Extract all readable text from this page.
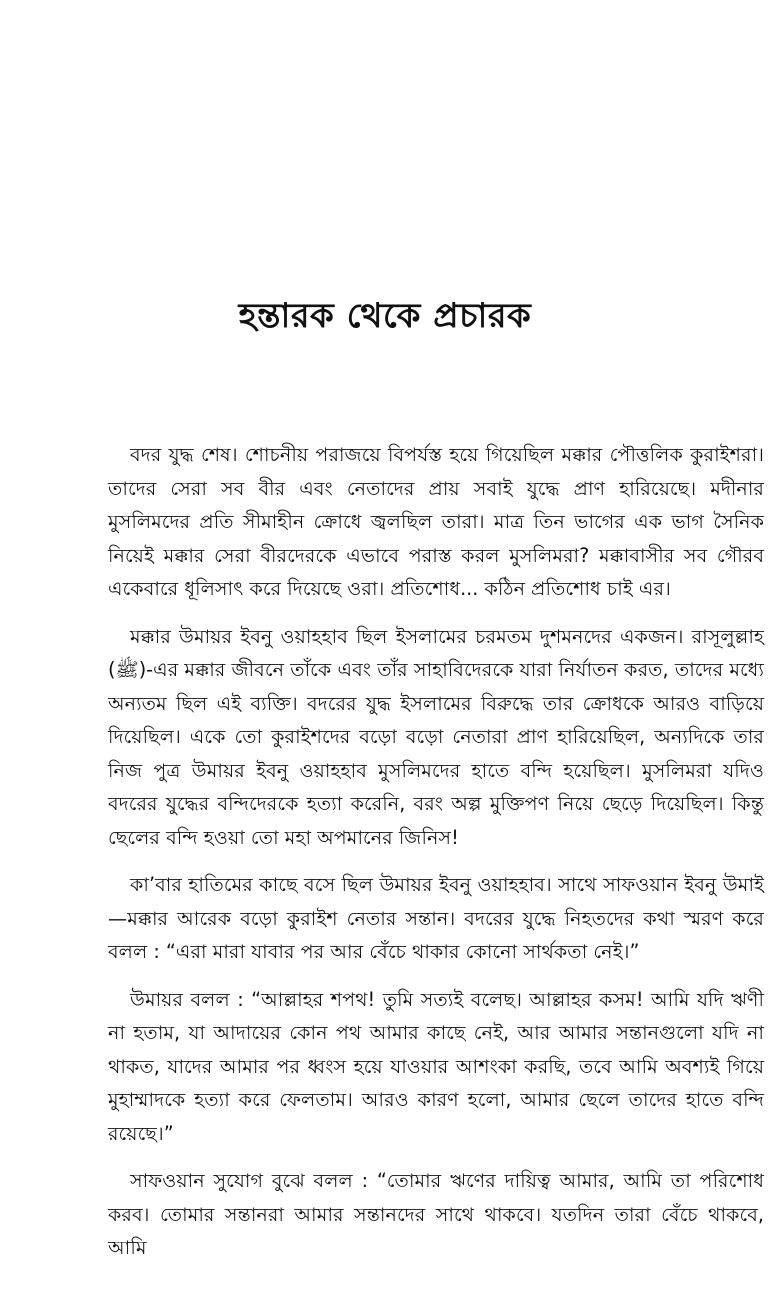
হন্তারক থেকে প্রচারক

বদর যুদ্ধ শেষ। শোচনীয় পরাজয়ে বিপর্যস্ত হয়ে গিয়েছিল মক্কার পৌত্তলিক কুরাইশরা। তাদের সেরা সব বীর এবং নেতাদের প্রায় সবাই যুদ্ধে প্রাণ হারিয়েছে। মদীনার মুসলিমদের প্রতি সীমাহীন ক্রোধে জ্বলছিল তারা। মাত্র তিন ভাগের এক ভাগ সৈনিক নিয়েই মক্কার সেরা বীরদেরকে এভাবে পরাস্ত করল মুসলিমরা? মক্কাবাসীর সব গৌরব একেবারে ধূলিসাৎ করে দিয়েছে ওরা। প্রতিশোধ... কঠিন প্রতিশোধ চাই এর।

মক্কার উমায়র ইবনু ওয়াহহাব ছিল ইসলামের চরমতম দুশমনদের একজন। রাসূলুল্লাহ (ﷺ)-এর মক্কার জীবনে তাঁকে এবং তাঁর সাহাবিদেরকে যারা নির্যাতন করত, তাদের মধ্যে অন্যতম ছিল এই ব্যক্তি। বদরের যুদ্ধ ইসলামের বিরুদ্ধে তার ক্রোধকে আরও বাড়িয়ে দিয়েছিল। একে তো কুরাইশদের বড়ো বড়ো নেতারা প্রাণ হারিয়েছিল, অন্যদিকে তার নিজ পুত্র উমায়র ইবনু ওয়াহহাব মুসলিমদের হাতে বন্দি হয়েছিল। মুসলিমরা যদিও বদরের যুদ্ধের বন্দিদেরকে হত্যা করেনি, বরং অল্প মুক্তিপণ নিয়ে ছেড়ে দিয়েছিল। কিন্তু ছেলের বন্দি হওয়া তো মহা অপমানের জিনিস!

কা’বার হাতিমের কাছে বসে ছিল উমায়র ইবনু ওয়াহহাব। সাথে সাফওয়ান ইবনু উমাই—মক্কার আরেক বড়ো কুরাইশ নেতার সন্তান। বদরের যুদ্ধে নিহতদের কথা স্মরণ করে বলল : “এরা মারা যাবার পর আর বেঁচে থাকার কোনো সার্থকতা নেই।”

উমায়র বলল : “আল্লাহর শপথ! তুমি সত্যই বলেছ। আল্লাহর কসম! আমি যদি ঋণী না হতাম, যা আদায়ের কোন পথ আমার কাছে নেই, আর আমার সন্তানগুলো যদি না থাকত, যাদের আমার পর ধ্বংস হয়ে যাওয়ার আশংকা করছি, তবে আমি অবশ্যই গিয়ে মুহাম্মাদকে হত্যা করে ফেলতাম। আরও কারণ হলো, আমার ছেলে তাদের হাতে বন্দি রয়েছে।”

সাফওয়ান সুযোগ বুঝে বলল : “তোমার ঋণের দায়িত্ব আমার, আমি তা পরিশোধ করব। তোমার সন্তানরা আমার সন্তানদের সাথে থাকবে। যতদিন তারা বেঁচে থাকবে, আমি
